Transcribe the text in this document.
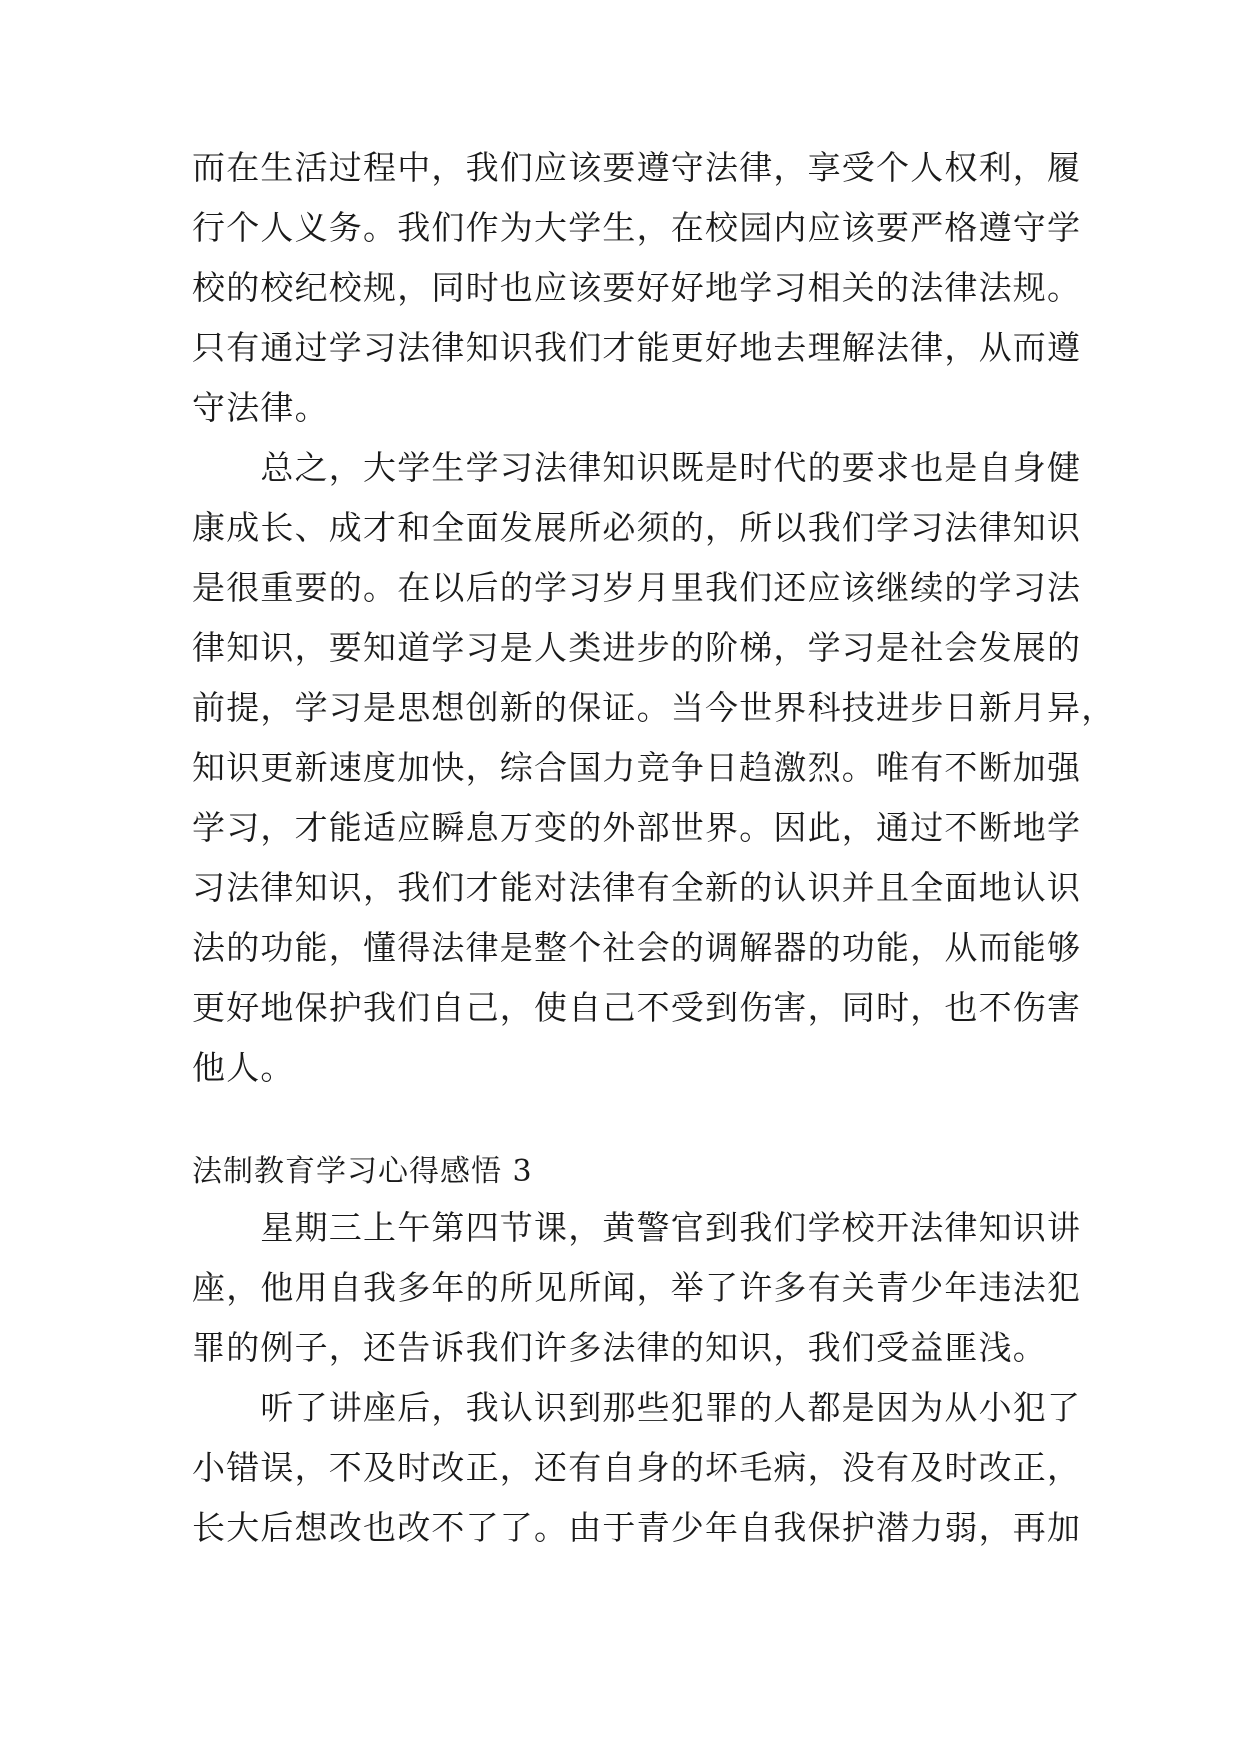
而在生活过程中，我们应该要遵守法律，享受个人权利，履
行个人义务。我们作为大学生，在校园内应该要严格遵守学
校的校纪校规，同时也应该要好好地学习相关的法律法规。
只有通过学习法律知识我们才能更好地去理解法律，从而遵
守法律。
　　总之，大学生学习法律知识既是时代的要求也是自身健
康成长、成才和全面发展所必须的，所以我们学习法律知识
是很重要的。在以后的学习岁月里我们还应该继续的学习法
律知识，要知道学习是人类进步的阶梯，学习是社会发展的
前提，学习是思想创新的保证。当今世界科技进步日新月异，
知识更新速度加快，综合国力竞争日趋激烈。唯有不断加强
学习，才能适应瞬息万变的外部世界。因此，通过不断地学
习法律知识，我们才能对法律有全新的认识并且全面地认识
法的功能，懂得法律是整个社会的调解器的功能，从而能够
更好地保护我们自己，使自己不受到伤害，同时，也不伤害
他人。
法制教育学习心得感悟 3
　　星期三上午第四节课，黄警官到我们学校开法律知识讲
座，他用自我多年的所见所闻，举了许多有关青少年违法犯
罪的例子，还告诉我们许多法律的知识，我们受益匪浅。
　　听了讲座后，我认识到那些犯罪的人都是因为从小犯了
小错误，不及时改正，还有自身的坏毛病，没有及时改正，
长大后想改也改不了了。由于青少年自我保护潜力弱，再加
